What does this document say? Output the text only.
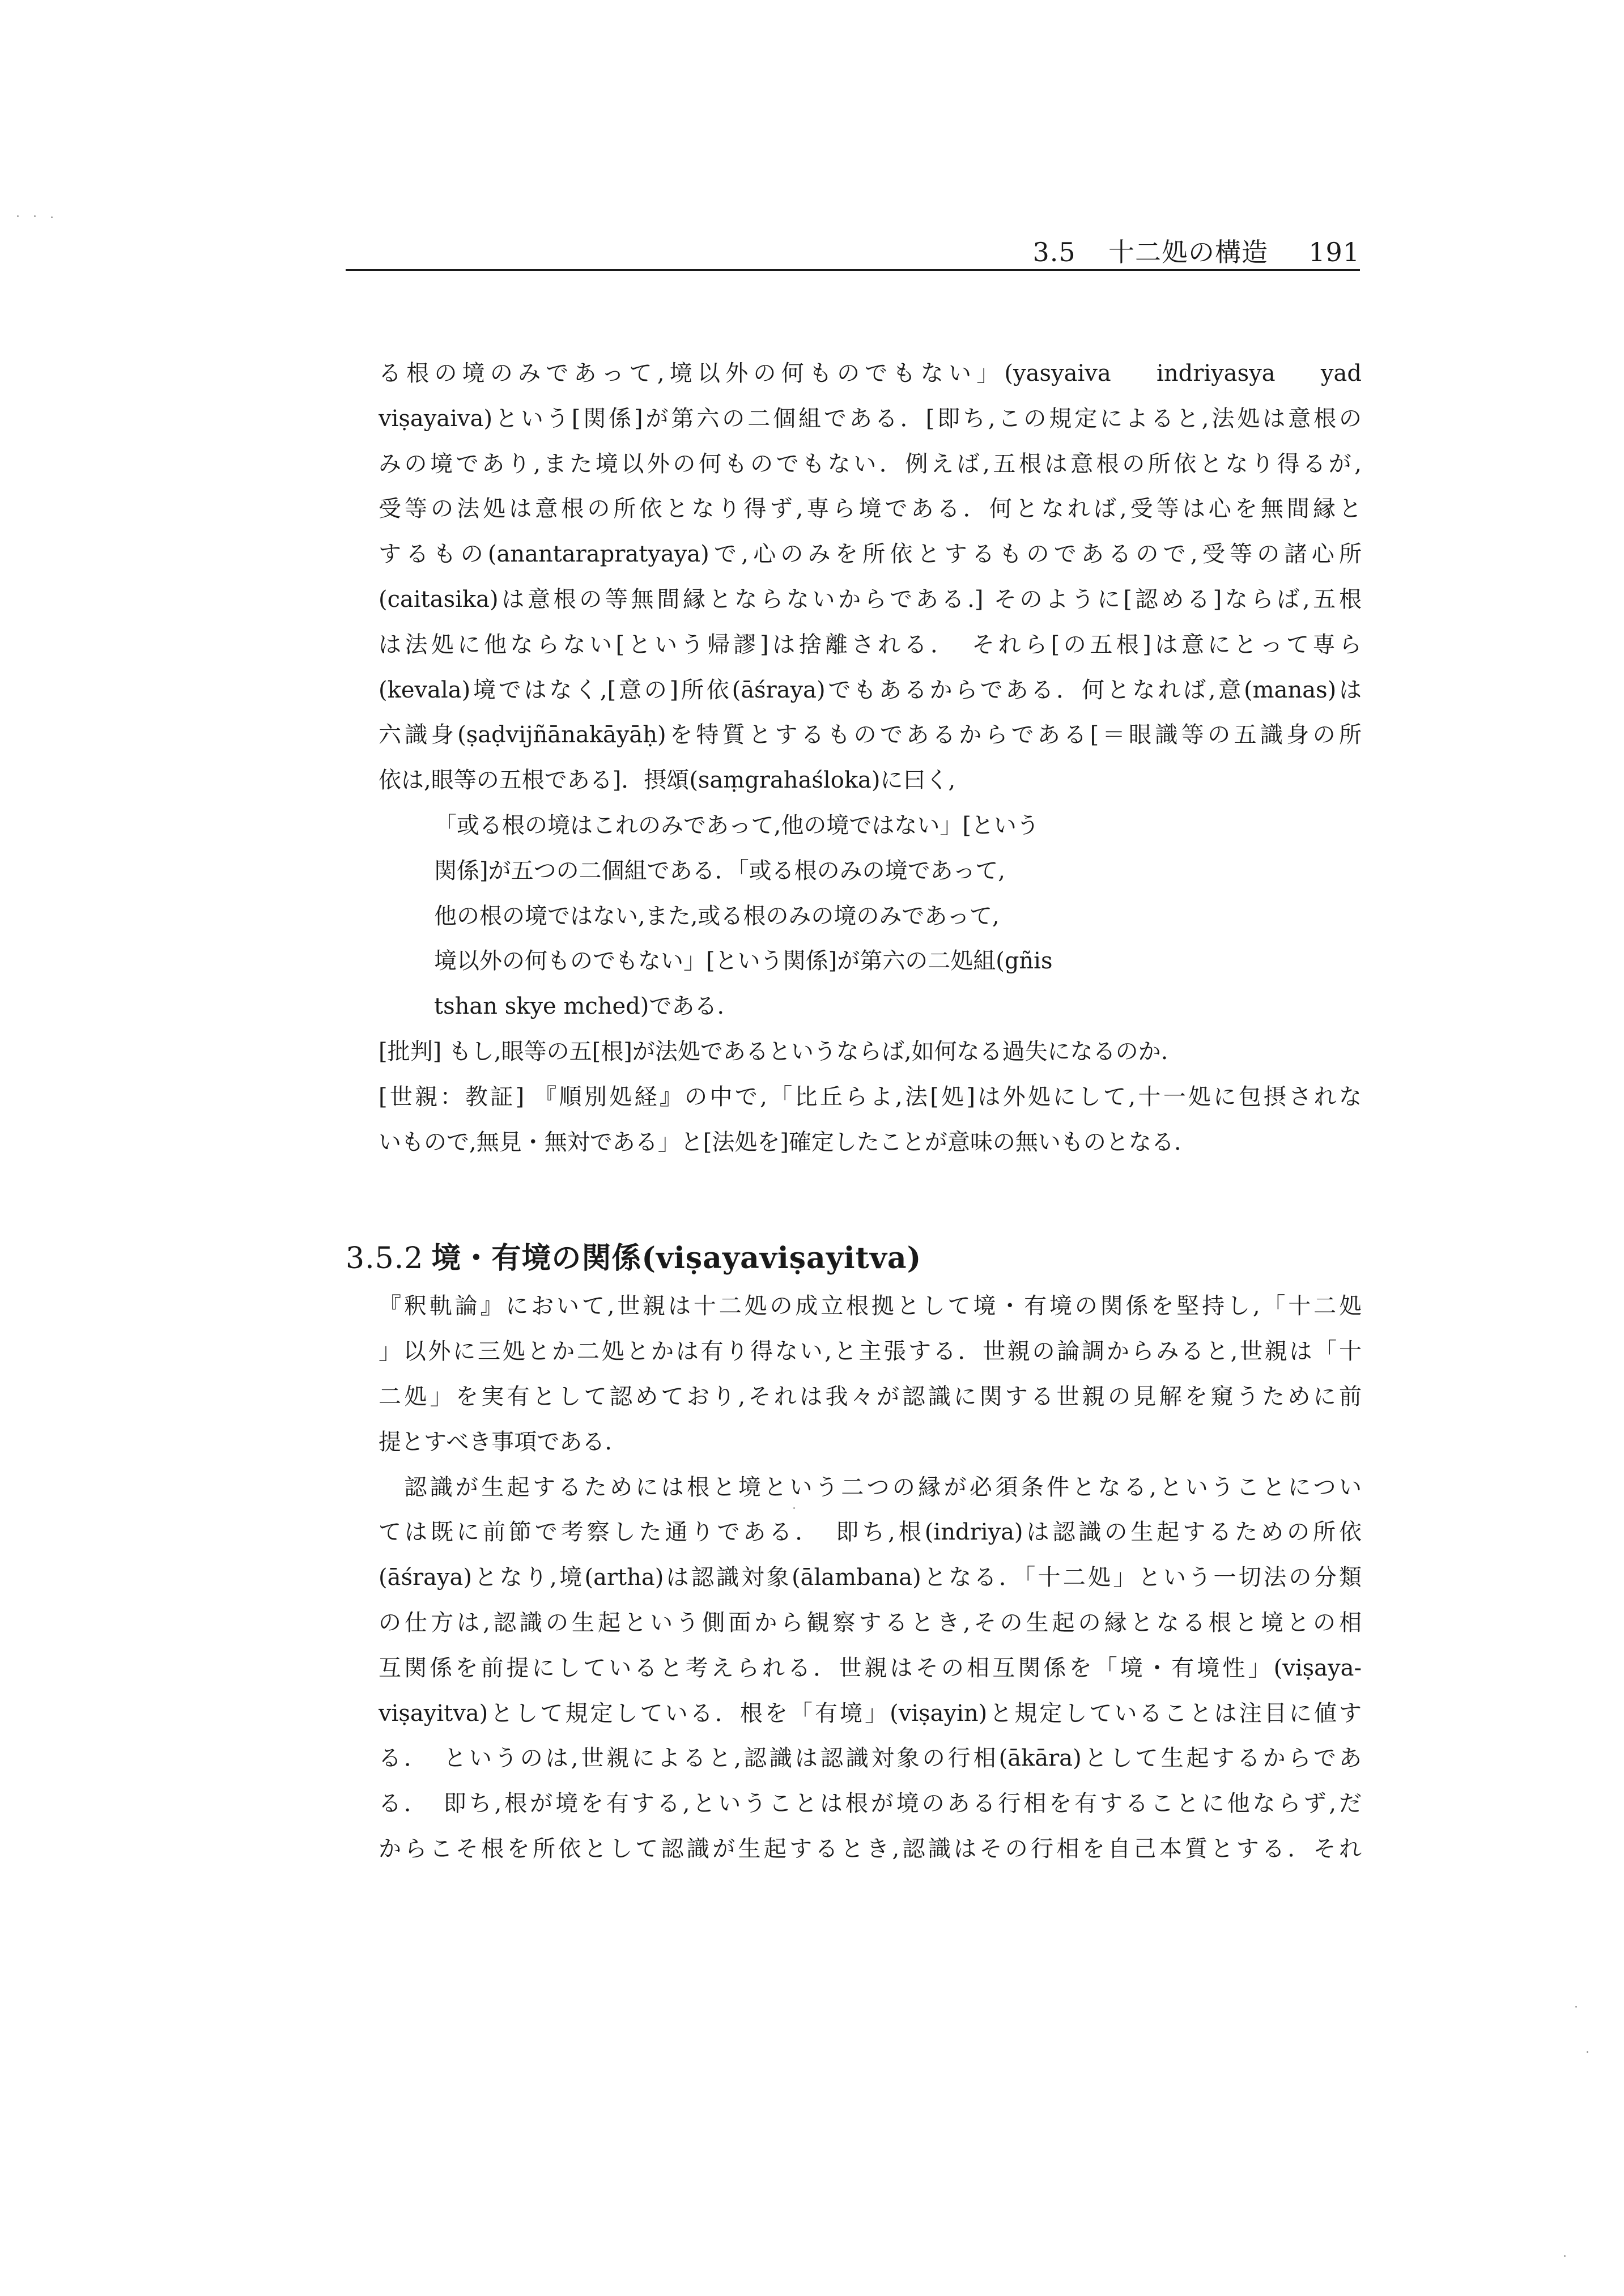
3.5 十二処の構造 191
る根の境のみであって,境以外の何ものでもない」(yasyaiva　 indriyasya　 yad
viṣayaiva)という[関係]が第六の二個組である．[即ち,この規定によると,法処は意根の
みの境であり,また境以外の何ものでもない．例えば,五根は意根の所依となり得るが,
受等の法処は意根の所依となり得ず,専ら境である．何となれば,受等は心を無間縁と
するもの(anantarapratyaya)で,心のみを所依とするものであるので,受等の諸心所
(caitasika)は意根の等無間縁とならないからである.] そのように[認める]ならば,五根
は法処に他ならない[という帰謬]は捨離される．　それら[の五根]は意にとって専ら
(kevala)境ではなく,[意の]所依(āśraya)でもあるからである．何となれば,意(manas)は
六識身(ṣaḍvijñānakāyāḥ)を特質とするものであるからである[＝眼識等の五識身の所
依は,眼等の五根である]．摂頌(saṃgrahaśloka)に曰く,
「或る根の境はこれのみであって,他の境ではない」[という
関係]が五つの二個組である．「或る根のみの境であって,
他の根の境ではない,また,或る根のみの境のみであって,
境以外の何ものでもない」[という関係]が第六の二処組(gñis
tshan skye mched)である.
[批判] もし,眼等の五[根]が法処であるというならば,如何なる過失になるのか.
[世親：教証] 『順別処経』の中で,「比丘らよ,法[処]は外処にして,十一処に包摂されな
いもので,無見・無対である」と[法処を]確定したことが意味の無いものとなる.
3.5.2 境・有境の関係(viṣayaviṣayitva)
『釈軌論』において,世親は十二処の成立根拠として境・有境の関係を堅持し,「十二処
」以外に三処とか二処とかは有り得ない,と主張する．世親の論調からみると,世親は「十
二処」を実有として認めており,それは我々が認識に関する世親の見解を窺うために前
提とすべき事項である.
　認識が生起するためには根と境という二つの縁が必須条件となる,ということについ
ては既に前節で考察した通りである．　即ち,根(indriya)は認識の生起するための所依
(āśraya)となり,境(artha)は認識対象(ālambana)となる．「十二処」という一切法の分類
の仕方は,認識の生起という側面から観察するとき,その生起の縁となる根と境との相
互関係を前提にしていると考えられる．世親はその相互関係を「境・有境性」(viṣaya-
viṣayitva)として規定している．根を「有境」(viṣayin)と規定していることは注目に値す
る．　というのは,世親によると,認識は認識対象の行相(ākāra)として生起するからであ
る．　即ち,根が境を有する,ということは根が境のある行相を有することに他ならず,だ
からこそ根を所依として認識が生起するとき,認識はその行相を自己本質とする．それ
